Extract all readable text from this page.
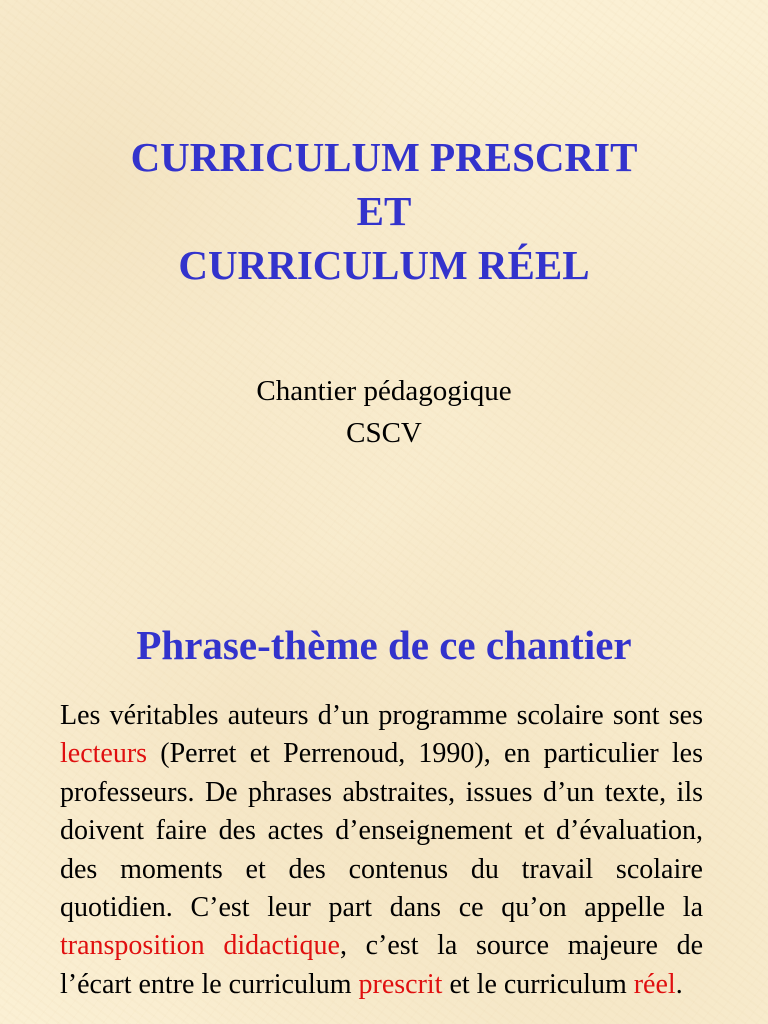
CURRICULUM PRESCRIT
ET
CURRICULUM RÉEL
Chantier pédagogique
CSCV
Phrase-thème de ce chantier

Les véritables auteurs d’un programme scolaire sont ses lecteurs (Perret et Perrenoud, 1990), en particulier les professeurs. De phrases abstraites, issues d’un texte, ils doivent faire des actes d’enseignement et d’évaluation, des moments et des contenus du travail scolaire quotidien. C’est leur part dans ce qu’on appelle la transposition didactique, c’est la source majeure de l’écart entre le curriculum prescrit et le curriculum réel.
